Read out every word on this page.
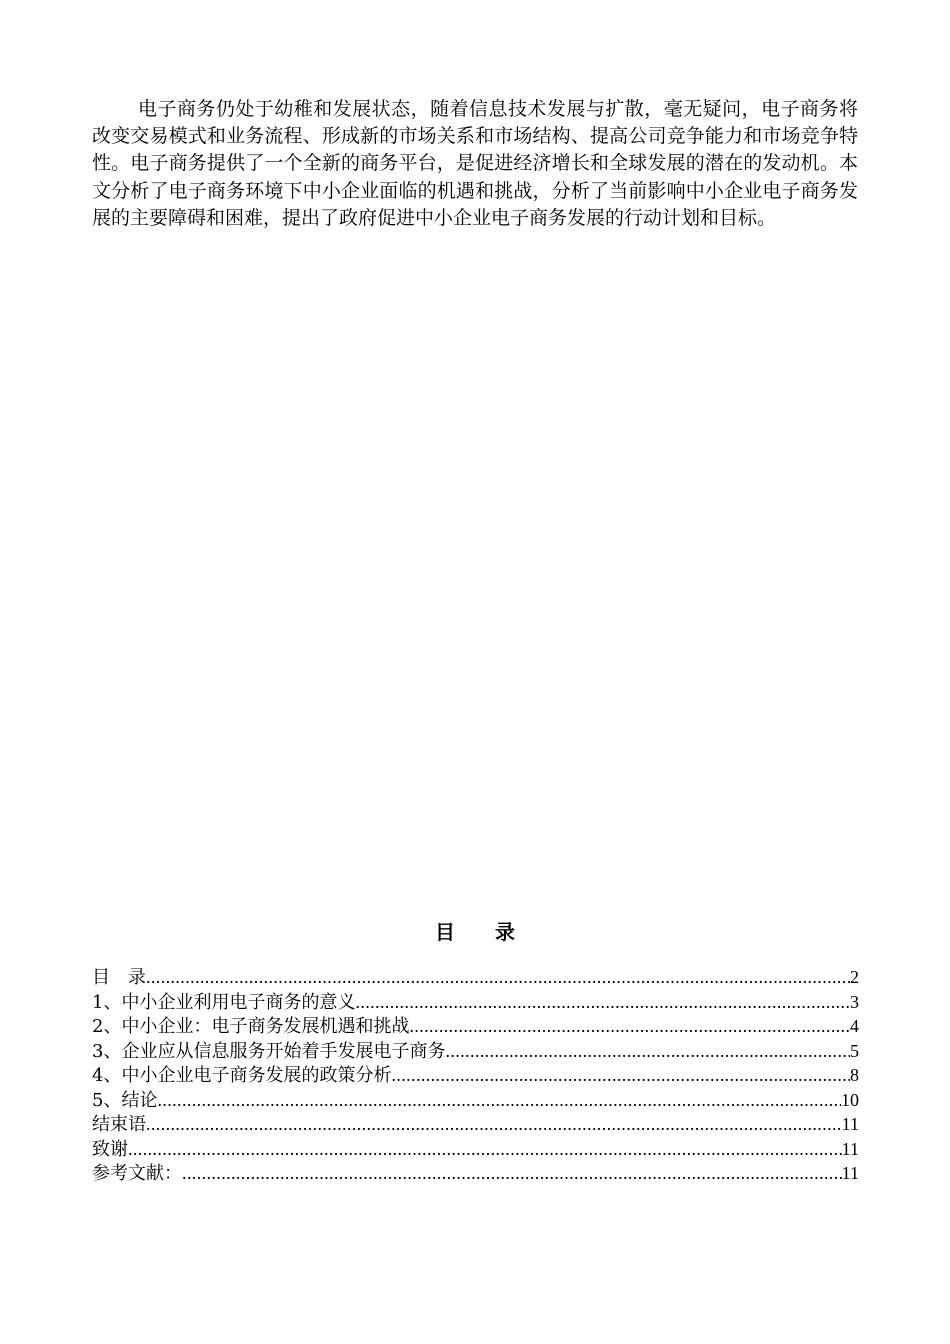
电子商务仍处于幼稚和发展状态，随着信息技术发展与扩散，毫无疑问，电子商务将改变交易模式和业务流程、形成新的市场关系和市场结构、提高公司竞争能力和市场竞争特性。电子商务提供了一个全新的商务平台，是促进经济增长和全球发展的潜在的发动机。本文分析了电子商务环境下中小企业面临的机遇和挑战，分析了当前影响中小企业电子商务发展的主要障碍和困难，提出了政府促进中小企业电子商务发展的行动计划和目标。

目 录
目　录 .....	2
1、中小企业利用电子商务的意义 .....	3
2、中小企业：电子商务发展机遇和挑战 .....	4
3、企业应从信息服务开始着手发展电子商务 .....	5
4、中小企业电子商务发展的政策分析 .....	8
5、结论 .....	10
结束语 .....	11
致谢 .....	11
参考文献： .....	11
